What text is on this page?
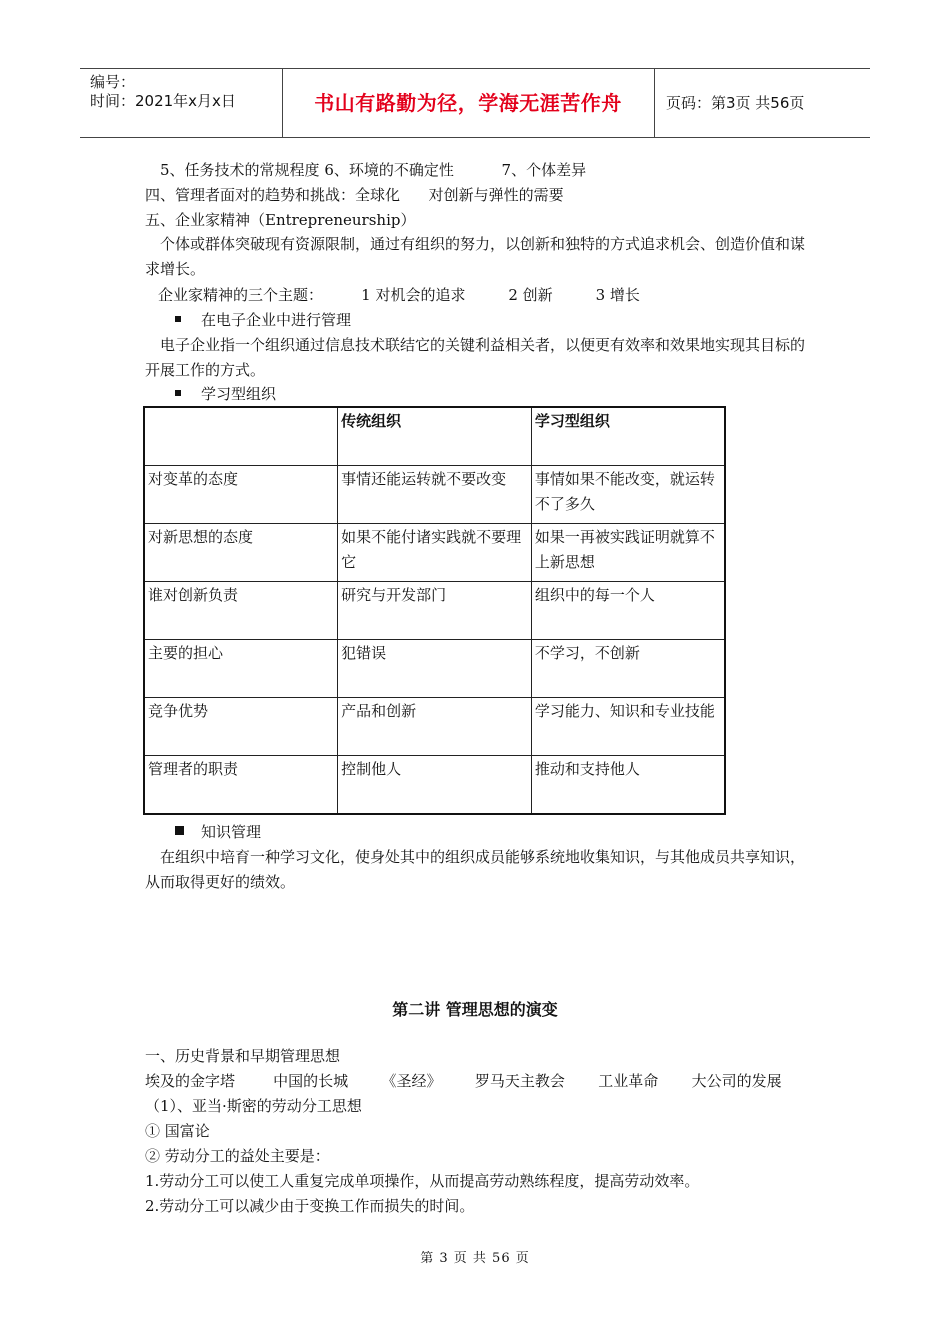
编号：
时间：2021年x月x日	书山有路勤为径，学海无涯苦作舟	页码：第3页 共56页
5、任务技术的常规程度 6、环境的不确定性          7、个体差异
四、管理者面对的趋势和挑战：全球化      对创新与弹性的需要
五、企业家精神（Entrepreneurship）
个体或群体突破现有资源限制，通过有组织的努力，以创新和独特的方式追求机会、创造价值和谋求增长。
企业家精神的三个主题：        1 对机会的追求         2 创新         3 增长
在电子企业中进行管理
电子企业指一个组织通过信息技术联结它的关键利益相关者，以便更有效率和效果地实现其目标的开展工作的方式。
学习型组织
	传统组织	学习型组织
对变革的态度	事情还能运转就不要改变	事情如果不能改变，就运转不了多久
对新思想的态度	如果不能付诸实践就不要理它	如果一再被实践证明就算不上新思想
谁对创新负责	研究与开发部门	组织中的每一个人
主要的担心	犯错误	不学习，不创新
竞争优势	产品和创新	学习能力、知识和专业技能
管理者的职责	控制他人	推动和支持他人
知识管理
在组织中培育一种学习文化，使身处其中的组织成员能够系统地收集知识，与其他成员共享知识，从而取得更好的绩效。
第二讲 管理思想的演变
一、历史背景和早期管理思想
埃及的金字塔        中国的长城       《圣经》       罗马天主教会       工业革命       大公司的发展
（1）、亚当·斯密的劳动分工思想
① 国富论
② 劳动分工的益处主要是：
1.劳动分工可以使工人重复完成单项操作，从而提高劳动熟练程度，提高劳动效率。
2.劳动分工可以减少由于变换工作而损失的时间。
第 3 页 共 56 页
